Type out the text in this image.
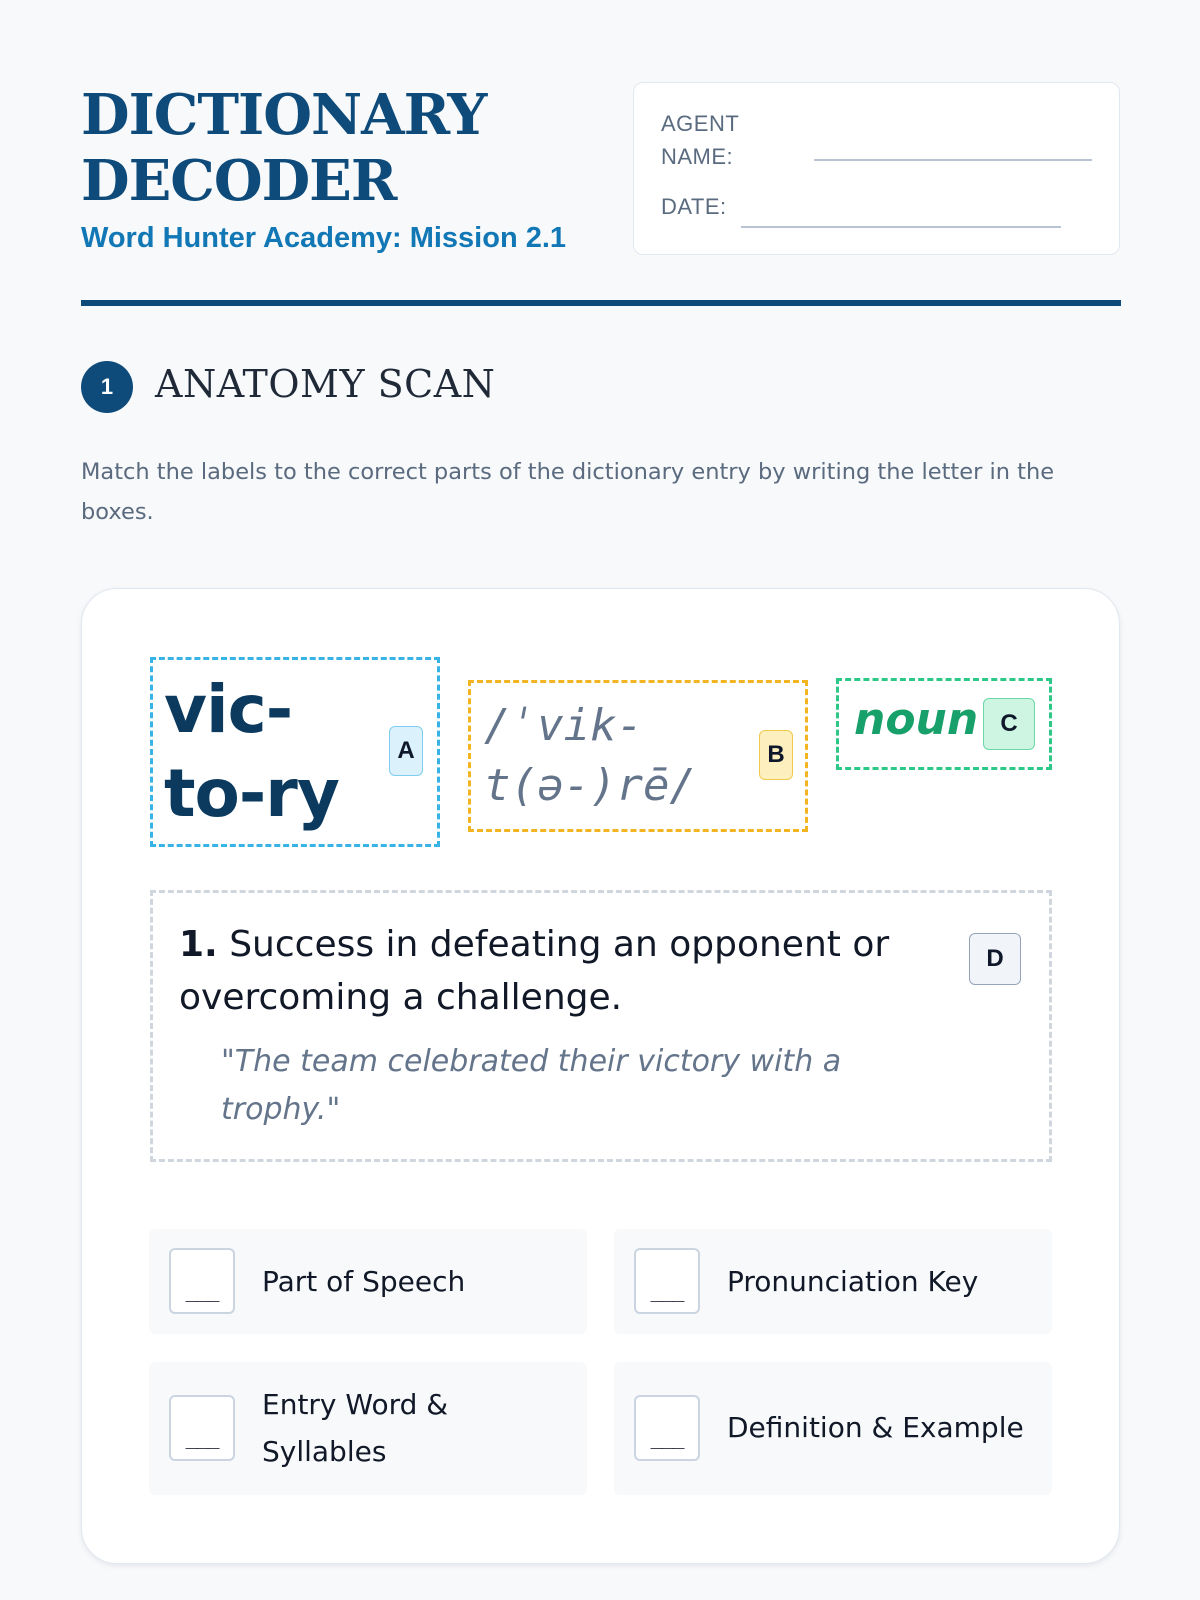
DICTIONARY DECODER
Word Hunter Academy: Mission 2.1
AGENT NAME:
DATE:
1	ANATOMY SCAN
Match the labels to the correct parts of the dictionary entry by writing the letter in the boxes.
vic-to-ry
A /ˈvik-t(ə-)rē/
B
noun C
1. Success in defeating an opponent or overcoming a challenge.
"The team celebrated their victory with a trophy."
D
___	Part of Speech	___	Pronunciation Key
___
Entry Word & Syllables	___	Definition & Example
